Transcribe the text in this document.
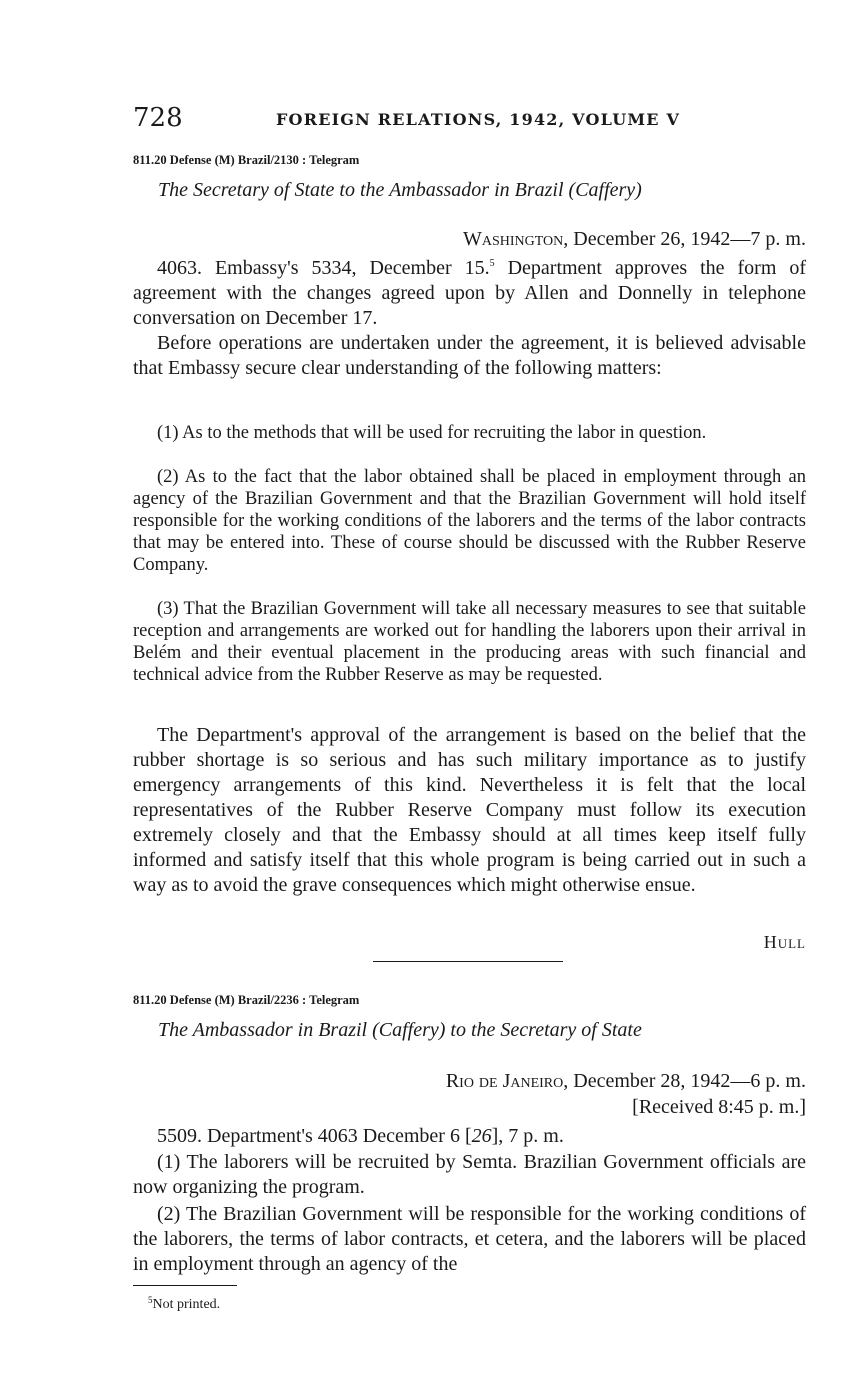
728	FOREIGN RELATIONS, 1942, VOLUME V
811.20 Defense (M) Brazil/2130 : Telegram
The Secretary of State to the Ambassador in Brazil (Caffery)
Washington, December 26, 1942—7 p. m.

4063. Embassy's 5334, December 15.$^5$ Department approves the form of agreement with the changes agreed upon by Allen and Donnelly in telephone conversation on December 17.

Before operations are undertaken under the agreement, it is believed advisable that Embassy secure clear understanding of the following matters:

(1) As to the methods that will be used for recruiting the labor in question.

(2) As to the fact that the labor obtained shall be placed in employment through an agency of the Brazilian Government and that the Brazilian Government will hold itself responsible for the working conditions of the laborers and the terms of the labor contracts that may be entered into. These of course should be discussed with the Rubber Reserve Company.

(3) That the Brazilian Government will take all necessary measures to see that suitable reception and arrangements are worked out for handling the laborers upon their arrival in Belém and their eventual placement in the producing areas with such financial and technical advice from the Rubber Reserve as may be requested.

The Department's approval of the arrangement is based on the belief that the rubber shortage is so serious and has such military importance as to justify emergency arrangements of this kind. Nevertheless it is felt that the local representatives of the Rubber Reserve Company must follow its execution extremely closely and that the Embassy should at all times keep itself fully informed and satisfy itself that this whole program is being carried out in such a way as to avoid the grave consequences which might otherwise ensue.

Hull
811.20 Defense (M) Brazil/2236 : Telegram
The Ambassador in Brazil (Caffery) to the Secretary of State
Rio de Janeiro, December 28, 1942—6 p. m.
[Received 8:45 p. m.]

5509. Department's 4063 December 6 [26], 7 p. m.

(1) The laborers will be recruited by Semta. Brazilian Government officials are now organizing the program.

(2) The Brazilian Government will be responsible for the working conditions of the laborers, the terms of labor contracts, et cetera, and the laborers will be placed in employment through an agency of the

$^5$Not printed.
